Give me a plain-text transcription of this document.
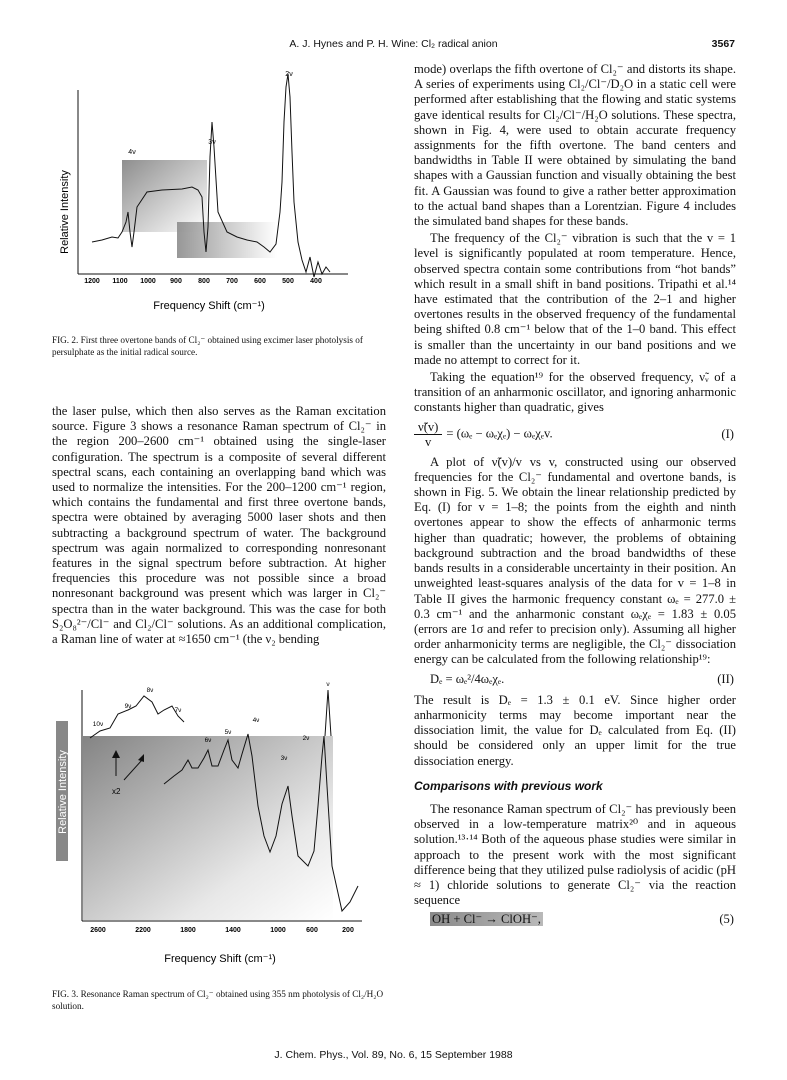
A. J. Hynes and P. H. Wine: Cl₂ radical anion	3567
Relative Intensity
4ν
3ν
2ν
1200 1100 1000 900 800 700 600 500 400
Frequency Shift (cm⁻¹)
FIG. 2. First three overtone bands of Cl₂⁻ obtained using excimer laser photolysis of persulphate as the initial radical source.

the laser pulse, which then also serves as the Raman excitation source. Figure 3 shows a resonance Raman spectrum of Cl₂⁻ in the region 200–2600 cm⁻¹ obtained using the single-laser configuration. The spectrum is a composite of several different spectral scans, each containing an overlapping band which was used to normalize the intensities. For the 200–1200 cm⁻¹ region, which contains the fundamental and first three overtone bands, spectra were obtained by averaging 5000 laser shots and then subtracting a background spectrum of water. The background spectrum was again normalized to corresponding nonresonant features in the signal spectrum before subtraction. At higher frequencies this procedure was not possible since a broad nonresonant background was present which was larger in Cl₂⁻ spectra than in the water background. This was the case for both S₂O₈²⁻/Cl⁻ and Cl₂/Cl⁻ solutions. As an additional complication, a Raman line of water at ≈1650 cm⁻¹ (the ν₂ bending

Relative Intensity	x2
8ν
9ν
10ν
7ν
6ν
5ν
4ν
3ν
2ν
ν
2600	2200	1800	1400	1000	600	200
Frequency Shift (cm⁻¹)
FIG. 3. Resonance Raman spectrum of Cl₂⁻ obtained using 355 nm photolysis of Cl₂/H₂O solution.

mode) overlaps the fifth overtone of Cl₂⁻ and distorts its shape. A series of experiments using Cl₂/Cl⁻/D₂O in a static cell were performed after establishing that the flowing and static systems gave identical results for Cl₂/Cl⁻/H₂O solutions. These spectra, shown in Fig. 4, were used to obtain accurate frequency assignments for the fifth overtone. The band centers and bandwidths in Table II were obtained by simulating the band shapes with a Gaussian function and visually obtaining the best fit. A Gaussian was found to give a rather better approximation to the actual band shapes than a Lorentzian. Figure 4 includes the simulated band shapes for these bands.

The frequency of the Cl₂⁻ vibration is such that the v = 1 level is significantly populated at room temperature. Hence, observed spectra contain some contributions from “hot bands” which result in a small shift in band positions. Tripathi et al.¹⁴ have estimated that the contribution of the 2–1 and higher overtones results in the observed frequency of the fundamental being shifted 0.8 cm⁻¹ below that of the 1–0 band. This effect is smaller than the uncertainty in our band positions and we made no attempt to correct for it.

Taking the equation¹⁹ for the observed frequency, ν̃ᵥ of a transition of an anharmonic oscillator, and ignoring anharmonic constants higher than quadratic, gives

$\frac{\nũ(v)}{v} = (\omega_e - \omega_e\chi_e) - \omega_e\chi_ev$.	(I)

A plot of ν̃(v)/v vs v, constructed using our observed frequencies for the Cl₂⁻ fundamental and overtone bands, is shown in Fig. 5. We obtain the linear relationship predicted by Eq. (I) for v = 1–8; the points from the eighth and ninth overtones appear to show the effects of anharmonic terms higher than quadratic; however, the problems of obtaining background subtraction and the broad bandwidths of these bands results in a considerable uncertainty in their position. An unweighted least-squares analysis of the data for v = 1–8 in Table II gives the harmonic frequency constant ωₑ = 277.0 ± 0.3 cm⁻¹ and the anharmonic constant ωₑχₑ = 1.83 ± 0.05 (errors are 1σ and refer to precision only). Assuming all higher order anharmonicity terms are negligible, the Cl₂⁻ dissociation energy can be calculated from the following relationship¹⁹:

Dₑ = ωₑ²/4ωₑχₑ.	(II)

The result is Dₑ = 1.3 ± 0.1 eV. Since higher order anharmonicity terms may become important near the dissociation limit, the value for Dₑ calculated from Eq. (II) should be considered only an upper limit for the true dissociation energy.

Comparisons with previous work

The resonance Raman spectrum of Cl₂⁻ has previously been observed in a low-temperature matrix²⁰ and in aqueous solution.¹³·¹⁴ Both of the aqueous phase studies were similar in approach to the present work with the most significant difference being that they utilized pulse radiolysis of acidic (pH ≈ 1) chloride solutions to generate Cl₂⁻ via the reaction sequence

OH + Cl⁻ → ClOH⁻,	(5)
J. Chem. Phys., Vol. 89, No. 6, 15 September 1988
